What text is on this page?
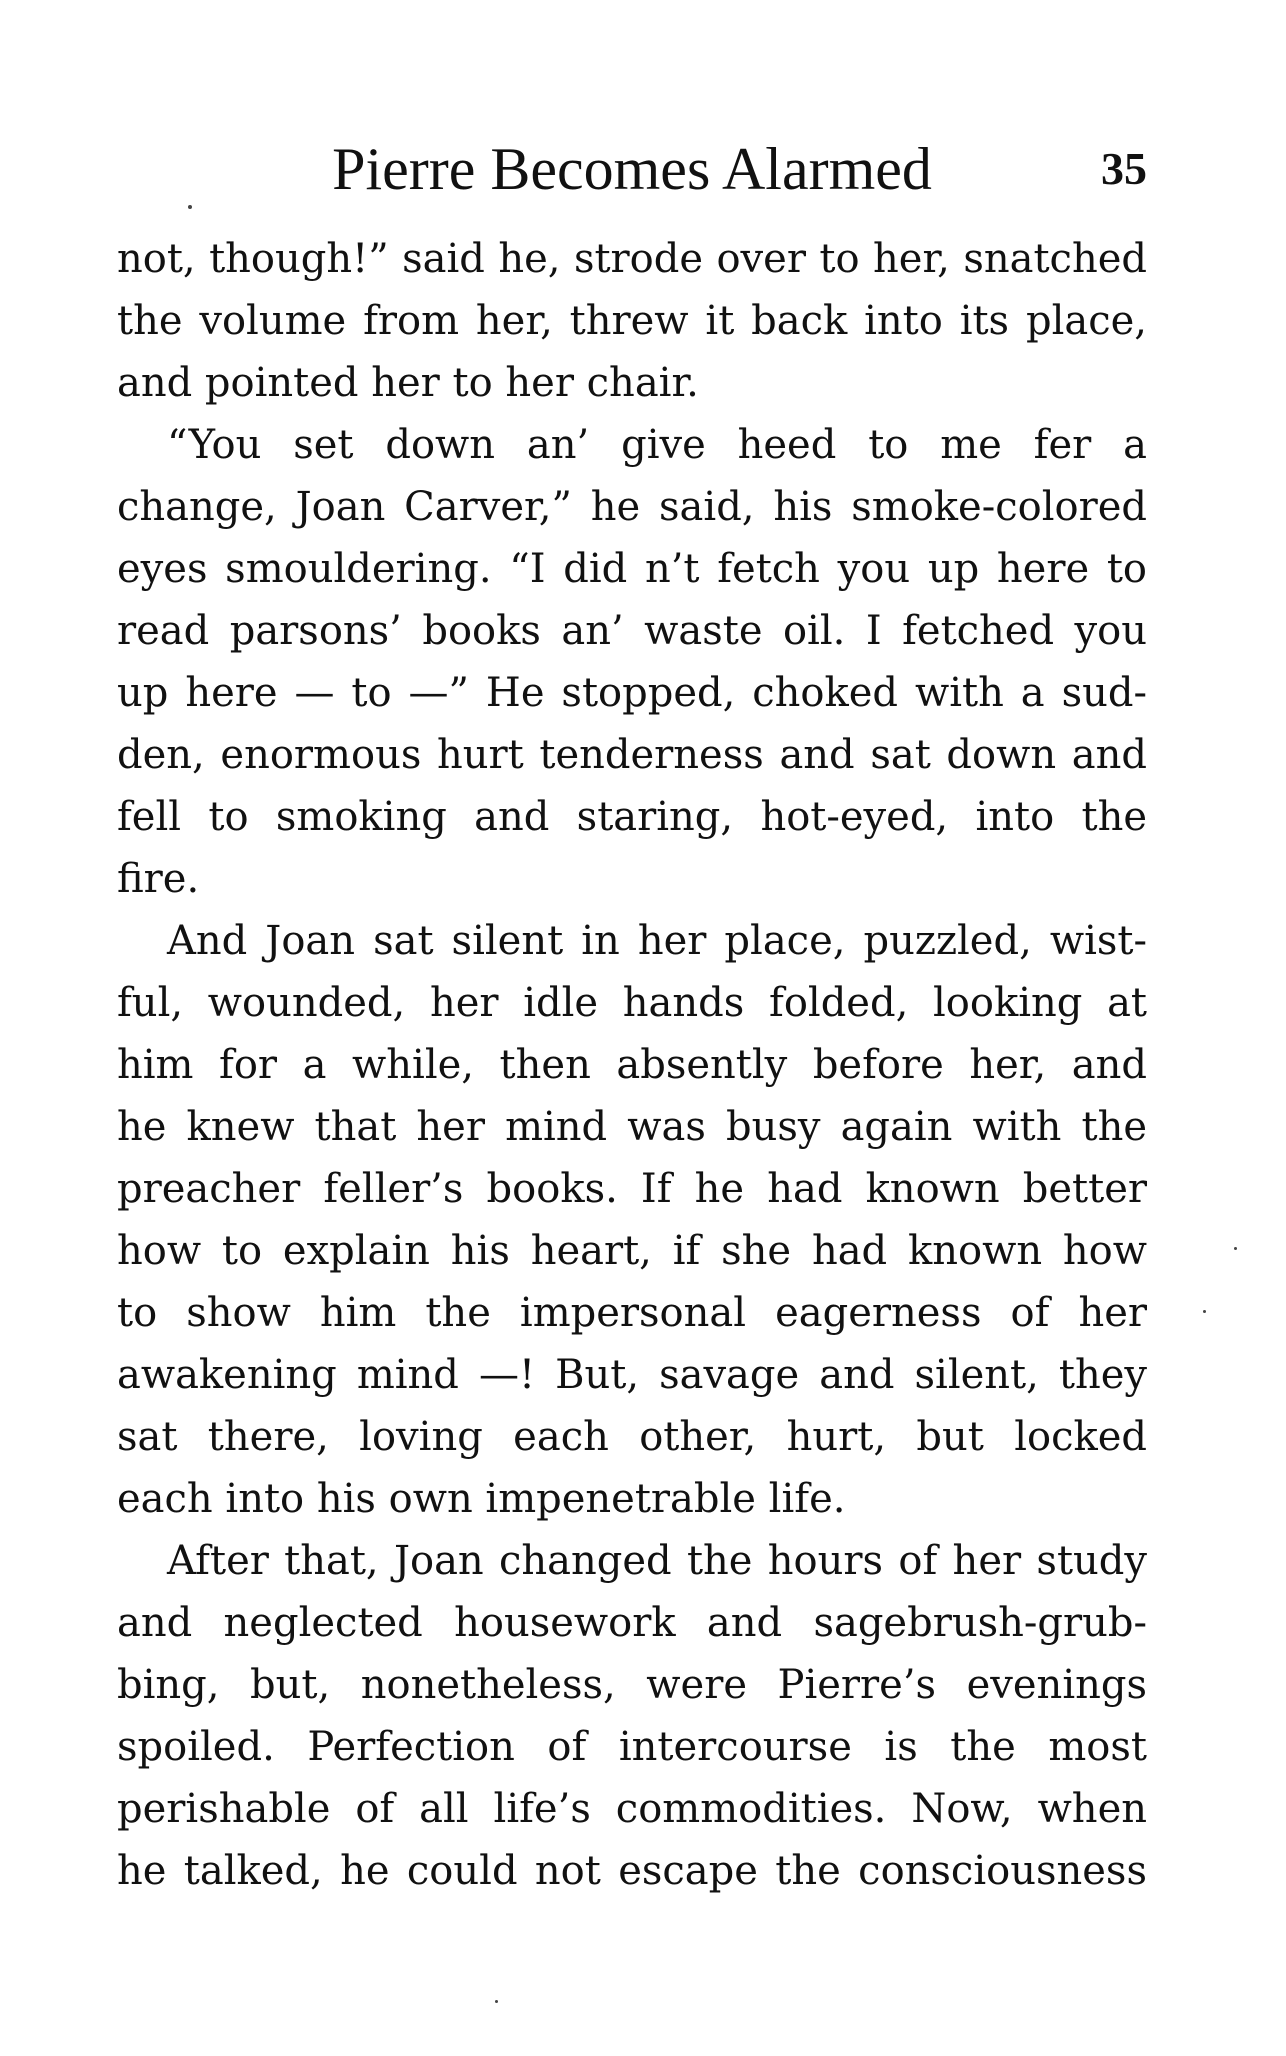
Pierre Becomes Alarmed	35
not, though!” said he, strode over to her, snatched
the volume from her, threw it back into its place,
and pointed her to her chair.
“You set down an’ give heed to me fer a
change, Joan Carver,” he said, his smoke-colored
eyes smouldering. “I did n’t fetch you up here to
read parsons’ books an’ waste oil. I fetched you
up here — to —” He stopped, choked with a sud-
den, enormous hurt tenderness and sat down and
fell to smoking and staring, hot-eyed, into the
fire.
And Joan sat silent in her place, puzzled, wist-
ful, wounded, her idle hands folded, looking at
him for a while, then absently before her, and
he knew that her mind was busy again with the
preacher feller’s books. If he had known better
how to explain his heart, if she had known how
to show him the impersonal eagerness of her
awakening mind —! But, savage and silent, they
sat there, loving each other, hurt, but locked
each into his own impenetrable life.
After that, Joan changed the hours of her study
and neglected housework and sagebrush-grub-
bing, but, nonetheless, were Pierre’s evenings
spoiled. Perfection of intercourse is the most
perishable of all life’s commodities. Now, when
he talked, he could not escape the consciousness
